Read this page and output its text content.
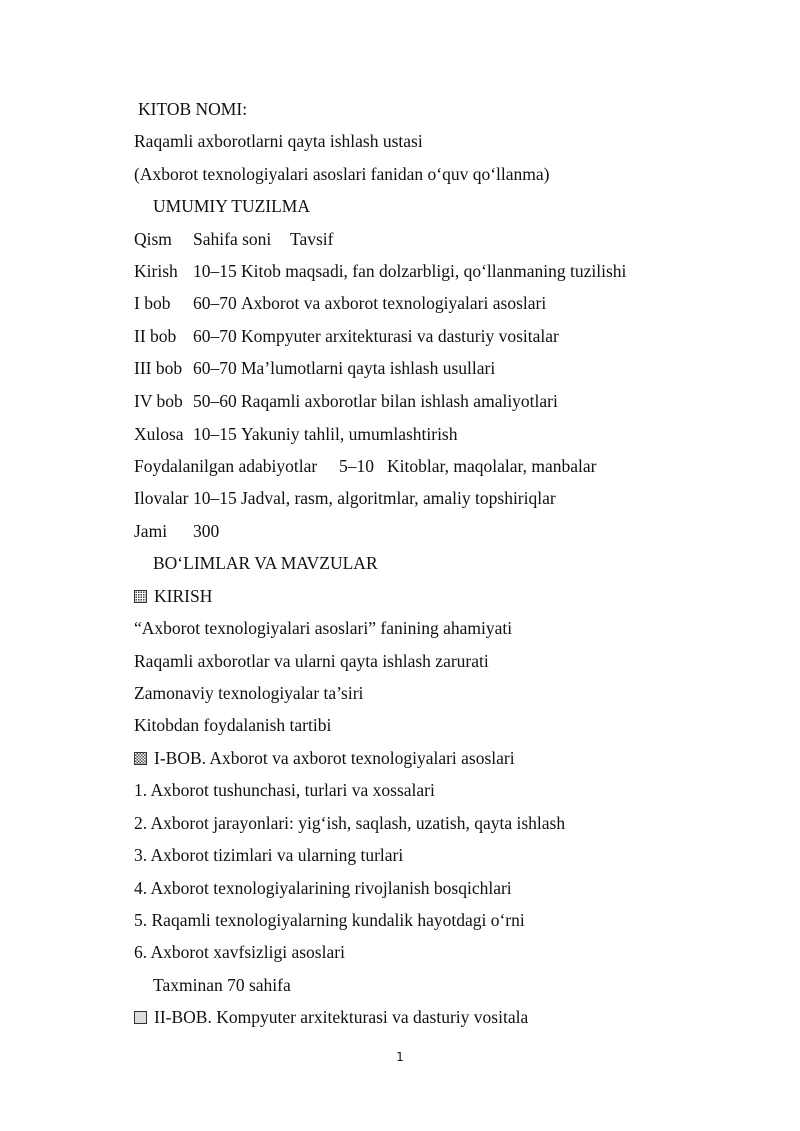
KITOB NOMI:
Raqamli axborotlarni qayta ishlash ustasi
(Axborot texnologiyalari asoslari fanidan o‘quv qo‘llanma)
UMUMIY TUZILMA
Qism Sahifa soni Tavsif
Kirish 10–15 Kitob maqsadi, fan dolzarbligi, qo‘llanmaning tuzilishi
I bob 60–70 Axborot va axborot texnologiyalari asoslari
II bob 60–70 Kompyuter arxitekturasi va dasturiy vositalar
III bob 60–70 Ma’lumotlarni qayta ishlash usullari
IV bob 50–60 Raqamli axborotlar bilan ishlash amaliyotlari
Xulosa 10–15 Yakuniy tahlil, umumlashtirish
Foydalanilgan adabiyotlar 5–10 Kitoblar, maqolalar, manbalar
Ilovalar 10–15 Jadval, rasm, algoritmlar, amaliy topshiriqlar
Jami 300
BO‘LIMLAR VA MAVZULAR
KIRISH
“Axborot texnologiyalari asoslari” fanining ahamiyati
Raqamli axborotlar va ularni qayta ishlash zarurati
Zamonaviy texnologiyalar ta’siri
Kitobdan foydalanish tartibi
I-BOB. Axborot va axborot texnologiyalari asoslari
1. Axborot tushunchasi, turlari va xossalari
2. Axborot jarayonlari: yig‘ish, saqlash, uzatish, qayta ishlash
3. Axborot tizimlari va ularning turlari
4. Axborot texnologiyalarining rivojlanish bosqichlari
5. Raqamli texnologiyalarning kundalik hayotdagi o‘rni
6. Axborot xavfsizligi asoslari
Taxminan 70 sahifa
II-BOB. Kompyuter arxitekturasi va dasturiy vositala
1
